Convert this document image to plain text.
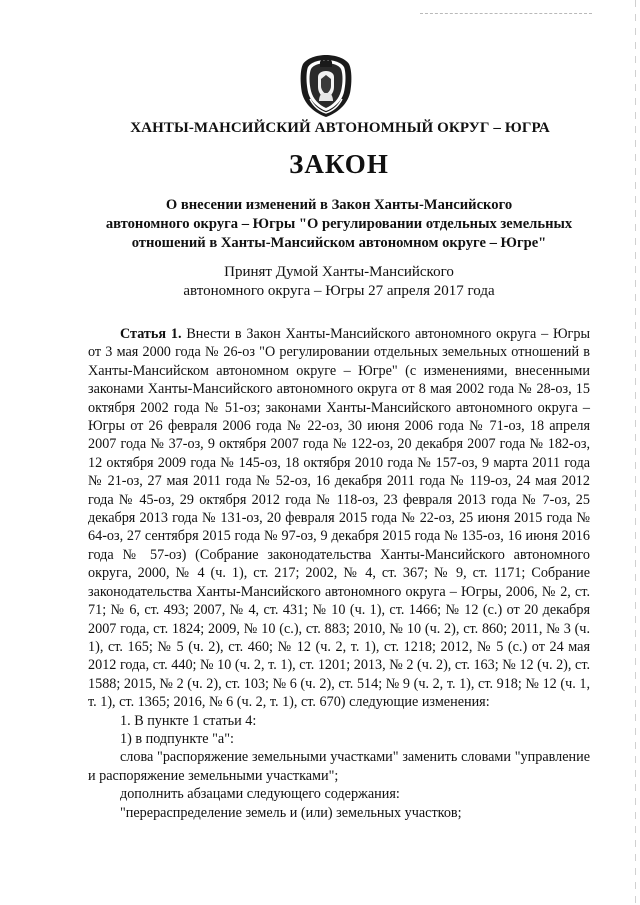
ХАНТЫ-МАНСИЙСКИЙ АВТОНОМНЫЙ ОКРУГ – ЮГРА
ЗАКОН
О внесении изменений в Закон Ханты-Мансийского
автономного округа – Югры "О регулировании отдельных земельных
отношений в Ханты-Мансийском автономном округе – Югре"
Принят Думой Ханты-Мансийского
автономного округа – Югры 27 апреля 2017 года

Статья 1. Внести в Закон Ханты-Мансийского автономного округа – Югры от 3 мая 2000 года № 26-оз "О регулировании отдельных земельных отношений в Ханты-Мансийском автономном округе – Югре" (с изменениями, внесенными законами Ханты-Мансийского автономного округа от 8 мая 2002 года № 28-оз, 15 октября 2002 года № 51-оз; законами Ханты-Мансийского автономного округа – Югры от 26 февраля 2006 года № 22-оз, 30 июня 2006 года № 71-оз, 18 апреля 2007 года № 37-оз, 9 октября 2007 года № 122-оз, 20 декабря 2007 года № 182-оз, 12 октября 2009 года № 145-оз, 18 октября 2010 года № 157-оз, 9 марта 2011 года № 21-оз, 27 мая 2011 года № 52-оз, 16 декабря 2011 года № 119-оз, 24 мая 2012 года № 45-оз, 29 октября 2012 года № 118-оз, 23 февраля 2013 года № 7-оз, 25 декабря 2013 года № 131-оз, 20 февраля 2015 года № 22-оз, 25 июня 2015 года № 64-оз, 27 сентября 2015 года № 97-оз, 9 декабря 2015 года № 135-оз, 16 июня 2016 года № 57-оз) (Собрание законодательства Ханты-Мансийского автономного округа, 2000, № 4 (ч. 1), ст. 217; 2002, № 4, ст. 367; № 9, ст. 1171; Собрание законодательства Ханты-Мансийского автономного округа – Югры, 2006, № 2, ст. 71; № 6, ст. 493; 2007, № 4, ст. 431; № 10 (ч. 1), ст. 1466; № 12 (с.) от 20 декабря 2007 года, ст. 1824; 2009, № 10 (с.), ст. 883; 2010, № 10 (ч. 2), ст. 860; 2011, № 3 (ч. 1), ст. 165; № 5 (ч. 2), ст. 460; № 12 (ч. 2, т. 1), ст. 1218; 2012, № 5 (с.) от 24 мая 2012 года, ст. 440; № 10 (ч. 2, т. 1), ст. 1201; 2013, № 2 (ч. 2), ст. 163; № 12 (ч. 2), ст. 1588; 2015, № 2 (ч. 2), ст. 103; № 6 (ч. 2), ст. 514; № 9 (ч. 2, т. 1), ст. 918; № 12 (ч. 1, т. 1), ст. 1365; 2016, № 6 (ч. 2, т. 1), ст. 670) следующие изменения:

1. В пункте 1 статьи 4:

1) в подпункте "а":

слова "распоряжение земельными участками" заменить словами "управление и распоряжение земельными участками";

дополнить абзацами следующего содержания:

"перераспределение земель и (или) земельных участков;
